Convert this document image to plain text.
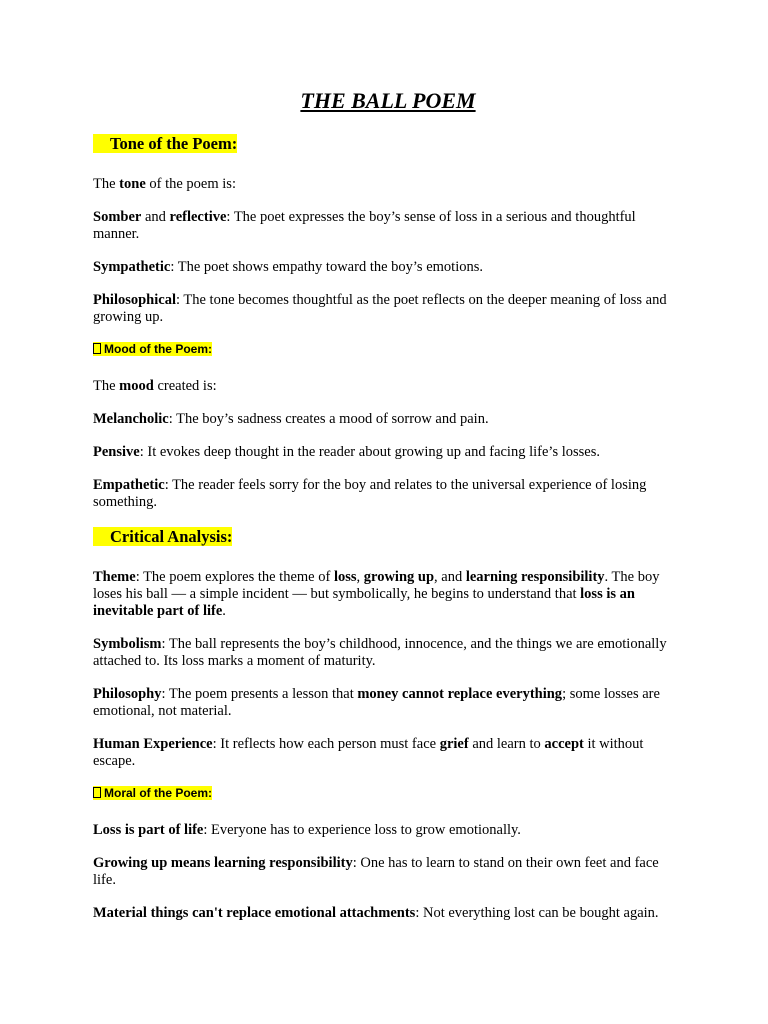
THE BALL POEM
Tone of the Poem:

The tone of the poem is:

Somber and reflective: The poet expresses the boy’s sense of loss in a serious and thoughtful manner.

Sympathetic: The poet shows empathy toward the boy’s emotions.

Philosophical: The tone becomes thoughtful as the poet reflects on the deeper meaning of loss and growing up.

Mood of the Poem:

The mood created is:

Melancholic: The boy’s sadness creates a mood of sorrow and pain.

Pensive: It evokes deep thought in the reader about growing up and facing life’s losses.

Empathetic: The reader feels sorry for the boy and relates to the universal experience of losing something.

Critical Analysis:

Theme: The poem explores the theme of loss, growing up, and learning responsibility. The boy loses his ball — a simple incident — but symbolically, he begins to understand that loss is an inevitable part of life.

Symbolism: The ball represents the boy’s childhood, innocence, and the things we are emotionally attached to. Its loss marks a moment of maturity.

Philosophy: The poem presents a lesson that money cannot replace everything; some losses are emotional, not material.

Human Experience: It reflects how each person must face grief and learn to accept it without escape.

Moral of the Poem:

Loss is part of life: Everyone has to experience loss to grow emotionally.

Growing up means learning responsibility: One has to learn to stand on their own feet and face life.

Material things can't replace emotional attachments: Not everything lost can be bought again.
